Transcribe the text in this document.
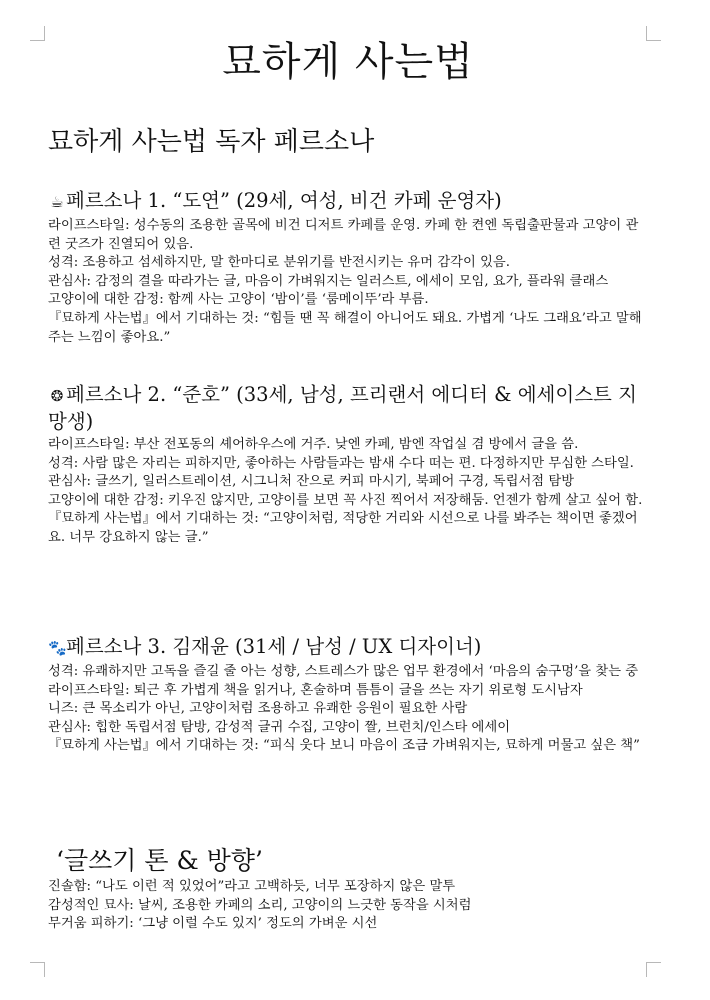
묘하게 사는법
묘하게 사는법 독자 페르소나

☕ 페르소나 1. “도연” (29세, 여성, 비건 카페 운영자)

라이프스타일: 성수동의 조용한 골목에 비건 디저트 카페를 운영. 카페 한 켠엔 독립출판물과 고양이 관련 굿즈가 진열되어 있음.

성격: 조용하고 섬세하지만, 말 한마디로 분위기를 반전시키는 유머 감각이 있음.

관심사: 감정의 결을 따라가는 글, 마음이 가벼워지는 일러스트, 에세이 모임, 요가, 플라워 클래스

고양이에 대한 감정: 함께 사는 고양이 ‘밤이’를 ‘룸메이뚜’라 부름.

『묘하게 사는법』에서 기대하는 것: “힘들 땐 꼭 해결이 아니어도 돼요. 가볍게 ‘나도 그래요’라고 말해주는 느낌이 좋아요.”

❂ 페르소나 2. “준호” (33세, 남성, 프리랜서 에디터 & 에세이스트 지망생)

라이프스타일: 부산 전포동의 셰어하우스에 거주. 낮엔 카페, 밤엔 작업실 겸 방에서 글을 씀.

성격: 사람 많은 자리는 피하지만, 좋아하는 사람들과는 밤새 수다 떠는 편. 다정하지만 무심한 스타일.

관심사: 글쓰기, 일러스트레이션, 시그니처 잔으로 커피 마시기, 북페어 구경, 독립서점 탐방

고양이에 대한 감정: 키우진 않지만, 고양이를 보면 꼭 사진 찍어서 저장해둠. 언젠가 함께 살고 싶어 함.

『묘하게 사는법』에서 기대하는 것: “고양이처럼, 적당한 거리와 시선으로 나를 봐주는 책이면 좋겠어요. 너무 강요하지 않는 글.”

🐾페르소나 3. 김재윤 (31세 / 남성 / UX 디자이너)

성격: 유쾌하지만 고독을 즐길 줄 아는 성향, 스트레스가 많은 업무 환경에서 ‘마음의 숨구멍’을 찾는 중

라이프스타일: 퇴근 후 가볍게 책을 읽거나, 혼술하며 틈틈이 글을 쓰는 자기 위로형 도시남자

니즈: 큰 목소리가 아닌, 고양이처럼 조용하고 유쾌한 응원이 필요한 사람

관심사: 힙한 독립서점 탐방, 감성적 글귀 수집, 고양이 짤, 브런치/인스타 에세이

『묘하게 사는법』에서 기대하는 것: “피식 웃다 보니 마음이 조금 가벼워지는, 묘하게 머물고 싶은 책”

‘글쓰기 톤 & 방향’

진솔함: “나도 이런 적 있었어”라고 고백하듯, 너무 포장하지 않은 말투

감성적인 묘사: 날씨, 조용한 카페의 소리, 고양이의 느긋한 동작을 시처럼

무거움 피하기: ‘그냥 이럴 수도 있지’ 정도의 가벼운 시선
